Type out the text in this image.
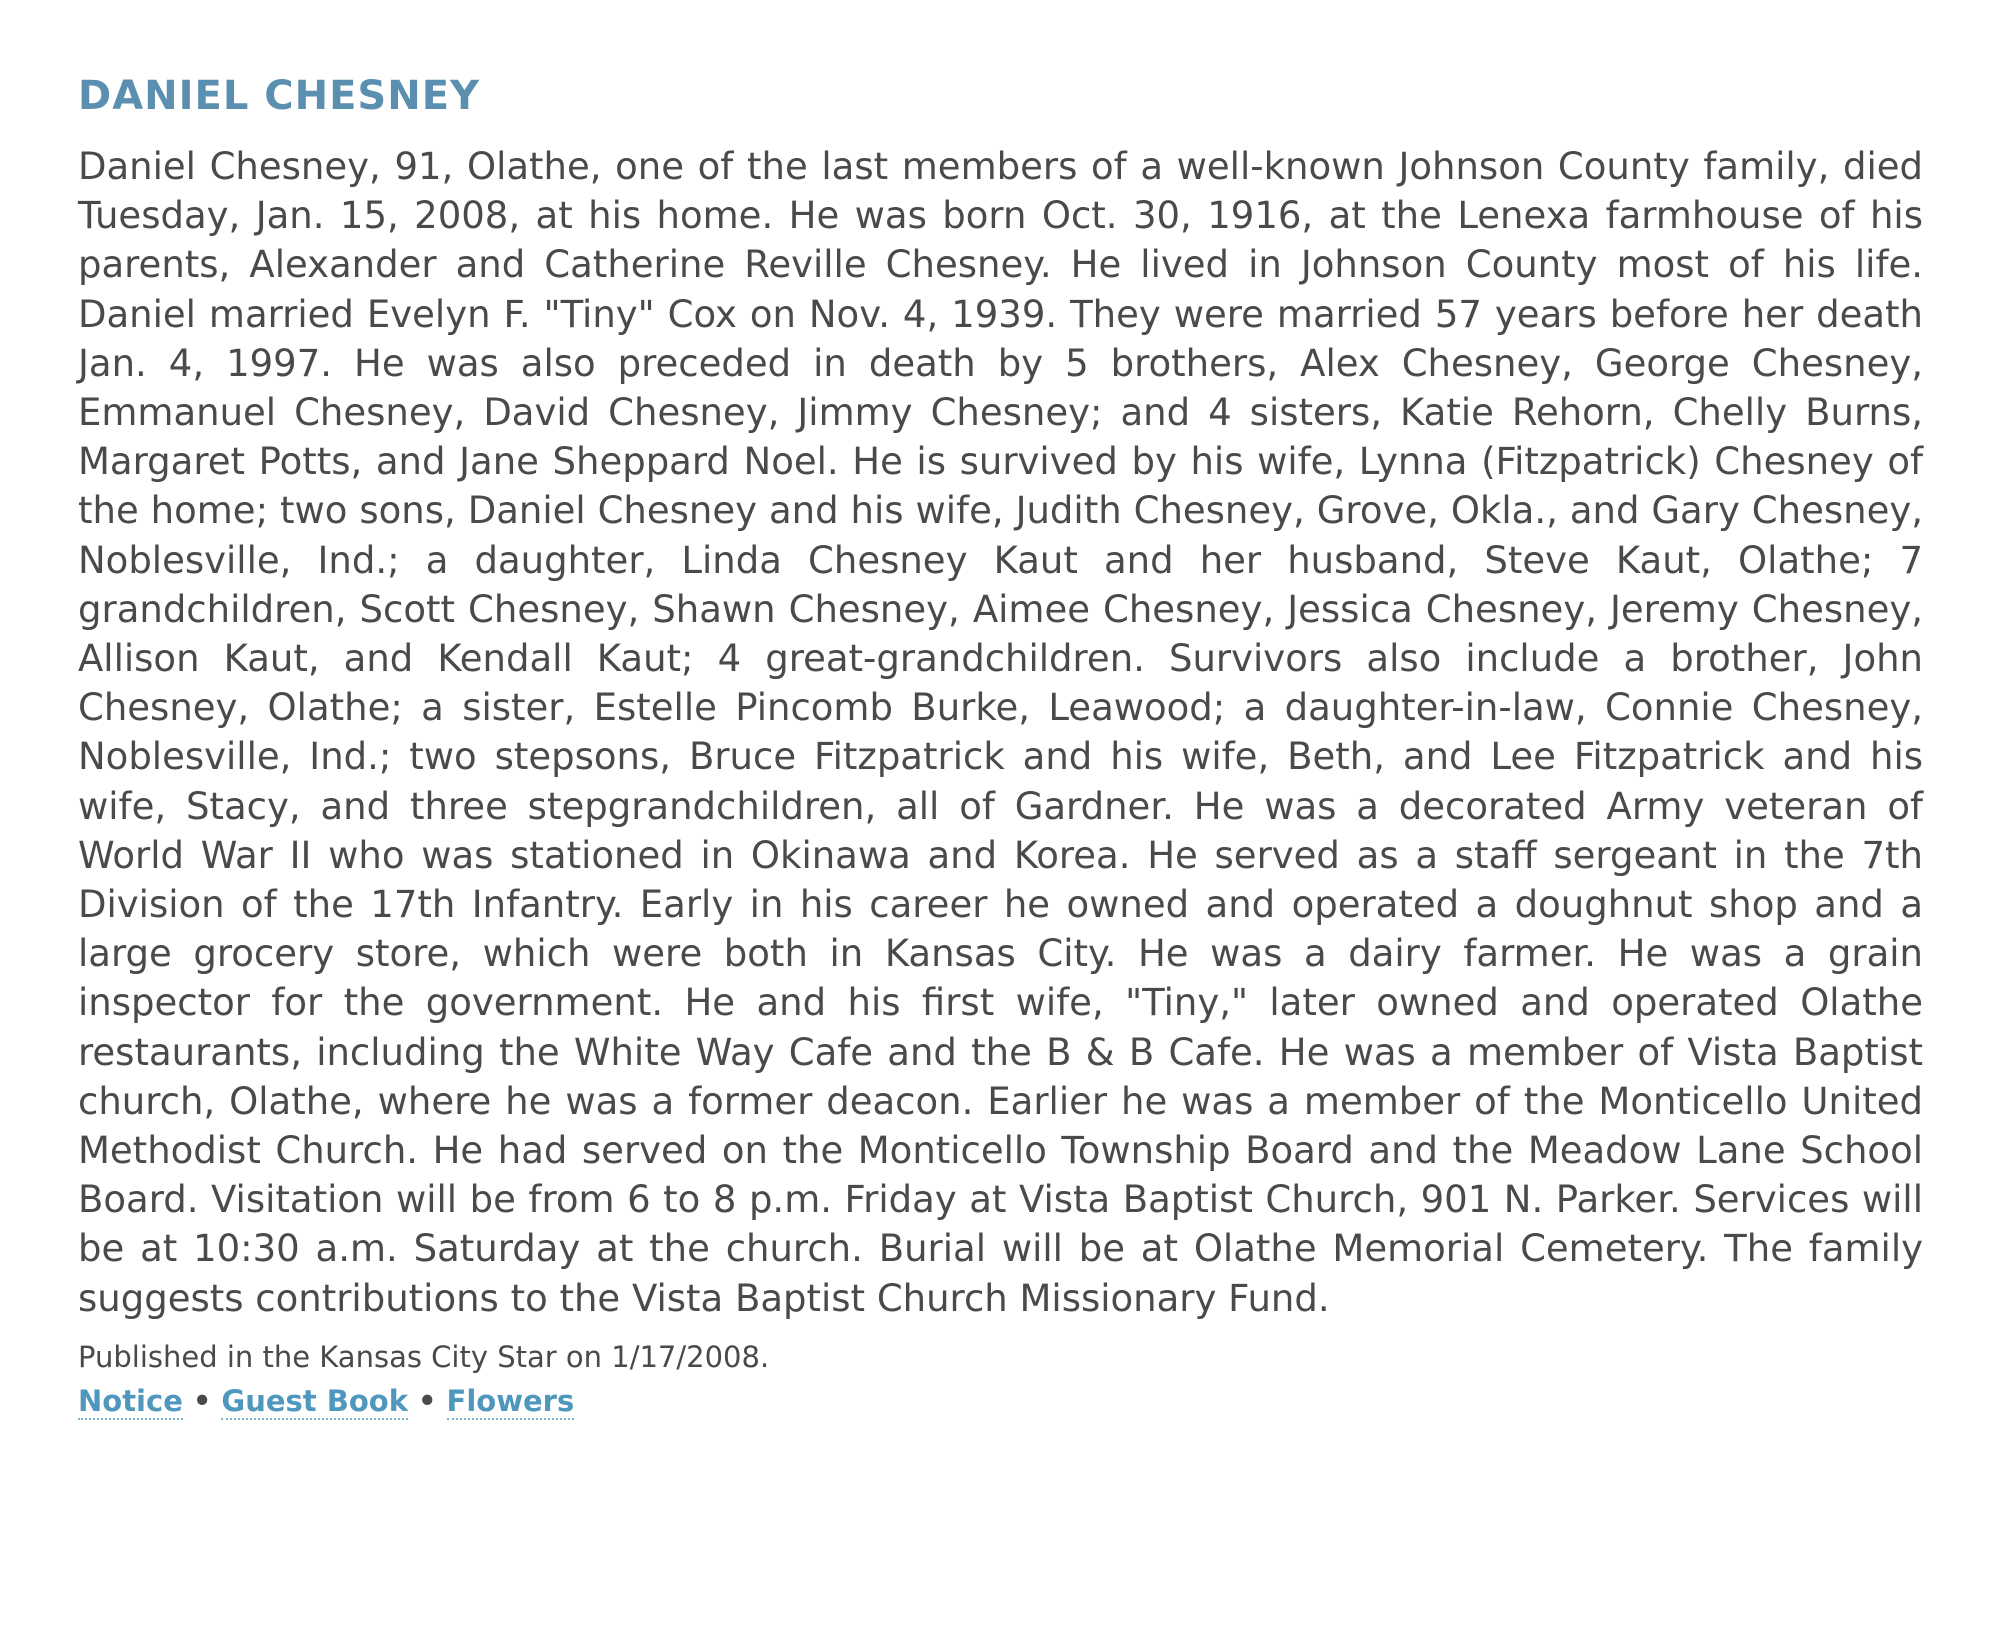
DANIEL CHESNEY

Daniel Chesney, 91, Olathe, one of the last members of a well-known Johnson County family, died Tuesday, Jan. 15, 2008, at his home. He was born Oct. 30, 1916, at the Lenexa farmhouse of his parents, Alexander and Catherine Reville Chesney. He lived in Johnson County most of his life. Daniel married Evelyn F. "Tiny" Cox on Nov. 4, 1939. They were married 57 years before her death Jan. 4, 1997. He was also preceded in death by 5 brothers, Alex Chesney, George Chesney, Emmanuel Chesney, David Chesney, Jimmy Chesney; and 4 sisters, Katie Rehorn, Chelly Burns, Margaret Potts, and Jane Sheppard Noel. He is survived by his wife, Lynna (Fitzpatrick) Chesney of the home; two sons, Daniel Chesney and his wife, Judith Chesney, Grove, Okla., and Gary Chesney, Noblesville, Ind.; a daughter, Linda Chesney Kaut and her husband, Steve Kaut, Olathe; 7 grandchildren, Scott Chesney, Shawn Chesney, Aimee Chesney, Jessica Chesney, Jeremy Chesney, Allison Kaut, and Kendall Kaut; 4 great-grandchildren. Survivors also include a brother, John Chesney, Olathe; a sister, Estelle Pincomb Burke, Leawood; a daughter-in-law, Connie Chesney, Noblesville, Ind.; two stepsons, Bruce Fitzpatrick and his wife, Beth, and Lee Fitzpatrick and his wife, Stacy, and three stepgrandchildren, all of Gardner. He was a decorated Army veteran of World War II who was stationed in Okinawa and Korea. He served as a staff sergeant in the 7th Division of the 17th Infantry. Early in his career he owned and operated a doughnut shop and a large grocery store, which were both in Kansas City. He was a dairy farmer. He was a grain inspector for the government. He and his first wife, "Tiny," later owned and operated Olathe restaurants, including the White Way Cafe and the B & B Cafe. He was a member of Vista Baptist church, Olathe, where he was a former deacon. Earlier he was a member of the Monticello United Methodist Church. He had served on the Monticello Township Board and the Meadow Lane School Board. Visitation will be from 6 to 8 p.m. Friday at Vista Baptist Church, 901 N. Parker. Services will be at 10:30 a.m. Saturday at the church. Burial will be at Olathe Memorial Cemetery. The family suggests contributions to the Vista Baptist Church Missionary Fund.

Published in the Kansas City Star on 1/17/2008.
Notice • Guest Book • Flowers
